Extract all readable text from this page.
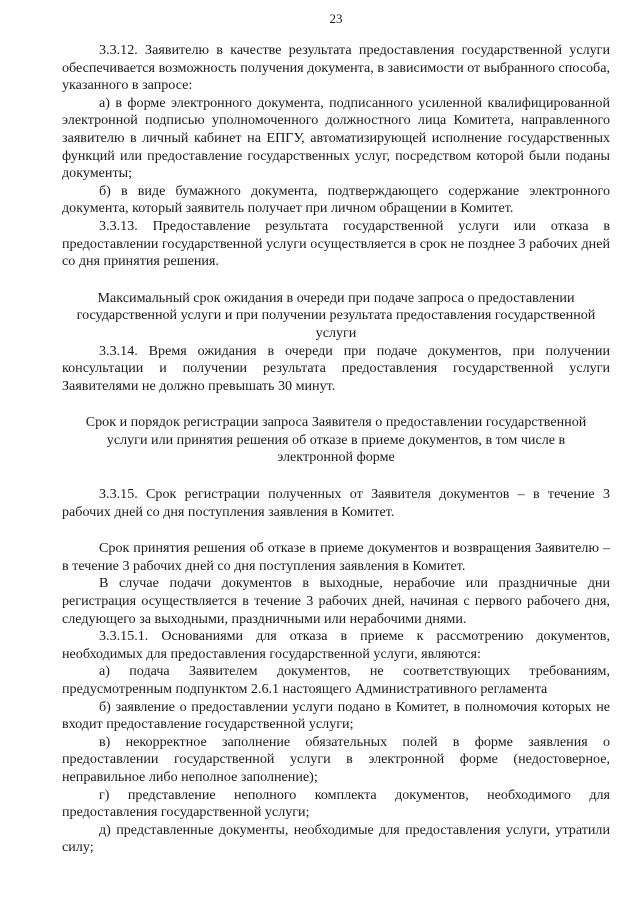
23

3.3.12. Заявителю в качестве результата предоставления государственной услуги обеспечивается возможность получения документа, в зависимости от выбранного способа, указанного в запросе:

а) в форме электронного документа, подписанного усиленной квалифицированной электронной подписью уполномоченного должностного лица Комитета, направленного заявителю в личный кабинет на ЕПГУ, автоматизирующей исполнение государственных функций или предоставление государственных услуг, посредством которой были поданы документы;

б) в виде бумажного документа, подтверждающего содержание электронного документа, который заявитель получает при личном обращении в Комитет.

3.3.13. Предоставление результата государственной услуги или отказа в предоставлении государственной услуги осуществляется в срок не позднее 3 рабочих дней со дня принятия решения.

Максимальный срок ожидания в очереди при подаче запроса о предоставлении государственной услуги и при получении результата предоставления государственной услуги

3.3.14. Время ожидания в очереди при подаче документов, при получении консультации и получении результата предоставления государственной услуги Заявителями не должно превышать 30 минут.

Срок и порядок регистрации запроса Заявителя о предоставлении государственной услуги или принятия решения об отказе в приеме документов, в том числе в электронной форме

3.3.15. Срок регистрации полученных от Заявителя документов – в течение 3 рабочих дней со дня поступления заявления в Комитет.

Срок принятия решения об отказе в приеме документов и возвращения Заявителю – в течение 3 рабочих дней со дня поступления заявления в Комитет.

В случае подачи документов в выходные, нерабочие или праздничные дни регистрация осуществляется в течение 3 рабочих дней, начиная с первого рабочего дня, следующего за выходными, праздничными или нерабочими днями.

3.3.15.1. Основаниями для отказа в приеме к рассмотрению документов, необходимых для предоставления государственной услуги, являются:

а) подача Заявителем документов, не соответствующих требованиям, предусмотренным подпунктом 2.6.1 настоящего Административного регламента

б) заявление о предоставлении услуги подано в Комитет, в полномочия которых не входит предоставление государственной услуги;

в) некорректное заполнение обязательных полей в форме заявления о предоставлении государственной услуги в электронной форме (недостоверное, неправильное либо неполное заполнение);

г) представление неполного комплекта документов, необходимого для предоставления государственной услуги;

д) представленные документы, необходимые для предоставления услуги, утратили силу;
